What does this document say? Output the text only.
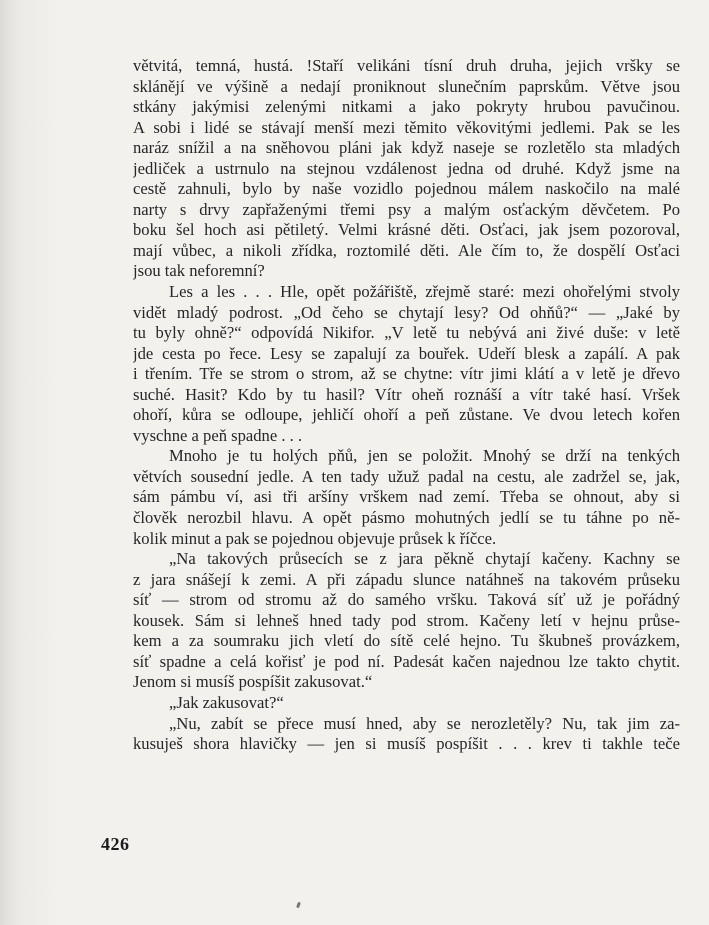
větvitá, temná, hustá. !Staří velikáni tísní druh druha, jejich vršky se
sklánějí ve výšině a nedají proniknout slunečním paprskům. Větve jsou
stkány jakýmisi zelenými nitkami a jako pokryty hrubou pavučinou.
A sobi i lidé se stávají menší mezi těmito věkovitými jedlemi. Pak se les
naráz snížil a na sněhovou pláni jak když naseje se rozletělo sta mladých
jedliček a ustrnulo na stejnou vzdálenost jedna od druhé. Když jsme na
cestě zahnuli, bylo by naše vozidlo pojednou málem naskočilo na malé
narty s drvy zapřaženými třemi psy a malým osťackým děvčetem. Po
boku šel hoch asi pětiletý. Velmi krásné děti. Osťaci, jak jsem pozoroval,
mají vůbec, a nikoli zřídka, roztomilé děti. Ale čím to, že dospělí Osťaci
jsou tak neforemní?
Les a les . . . Hle, opět požářiště, zřejmě staré: mezi ohořelými stvoly
vidět mladý podrost. „Od čeho se chytají lesy? Od ohňů?“ — „Jaké by
tu byly ohně?“ odpovídá Nikifor. „V letě tu nebývá ani živé duše: v letě
jde cesta po řece. Lesy se zapalují za bouřek. Udeří blesk a zapálí. A pak
i třením. Tře se strom o strom, až se chytne: vítr jimi klátí a v letě je dřevo
suché. Hasit? Kdo by tu hasil? Vítr oheň roznáší a vítr také hasí. Vršek
ohoří, kůra se odloupe, jehličí ohoří a peň zůstane. Ve dvou letech kořen
vyschne a peň spadne . . .
Mnoho je tu holých pňů, jen se položit. Mnohý se drží na tenkých
větvích sousední jedle. A ten tady užuž padal na cestu, ale zadržel se, jak,
sám pámbu ví, asi tři aršíny vrškem nad zemí. Třeba se ohnout, aby si
člověk nerozbil hlavu. A opět pásmo mohutných jedlí se tu táhne po ně-
kolik minut a pak se pojednou objevuje průsek k říčce.
„Na takových průsecích se z jara pěkně chytají kačeny. Kachny se
z jara snášejí k zemi. A při západu slunce natáhneš na takovém průseku
síť — strom od stromu až do samého vršku. Taková síť už je pořádný
kousek. Sám si lehneš hned tady pod strom. Kačeny letí v hejnu průse-
kem a za soumraku jich vletí do sítě celé hejno. Tu škubneš provázkem,
síť spadne a celá kořisť je pod ní. Padesát kačen najednou lze takto chytit.
Jenom si musíš pospíšit zakusovat.“
„Jak zakusovat?“
„Nu, zabít se přece musí hned, aby se nerozletěly? Nu, tak jim za-
kusuješ shora hlavičky — jen si musíš pospíšit . . . krev ti takhle teče
426
